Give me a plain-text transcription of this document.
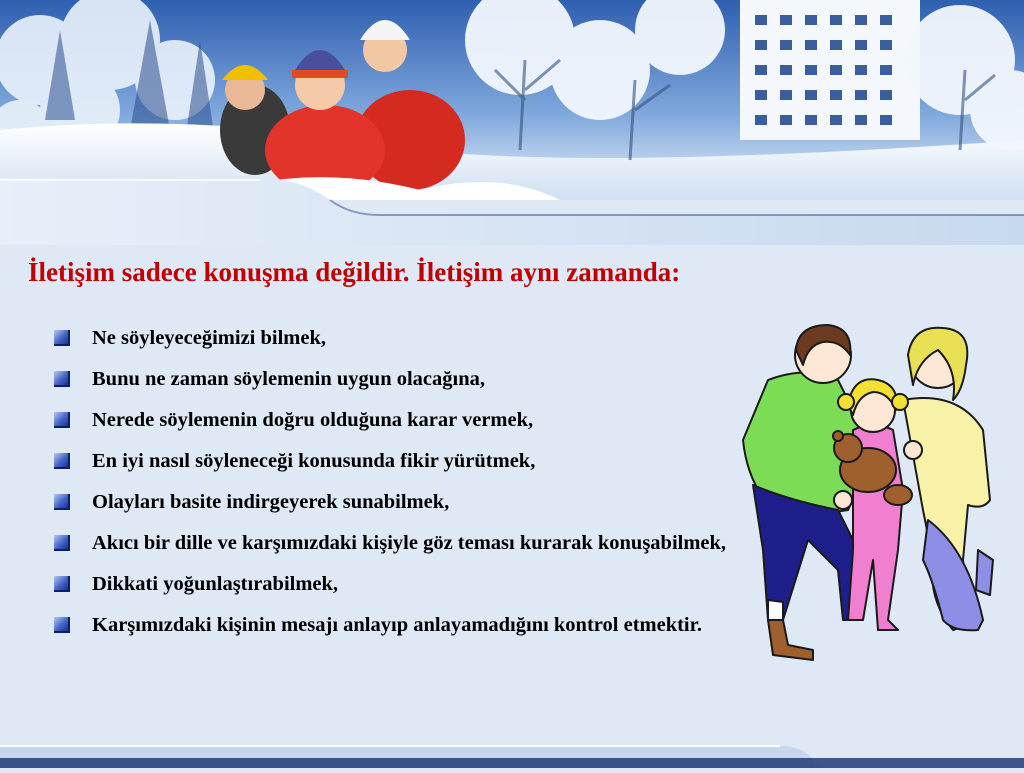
İletişim sadece konuşma değildir. İletişim aynı zamanda:
Ne söyleyeceğimizi bilmek,
Bunu ne zaman söylemenin uygun olacağına,
Nerede söylemenin doğru olduğuna karar vermek,
En iyi nasıl söyleneceği konusunda fikir yürütmek,
Olayları basite indirgeyerek sunabilmek,
Akıcı bir dille ve karşımızdaki kişiyle göz teması kurarak konuşabilmek,
Dikkati yoğunlaştırabilmek,
Karşımızdaki kişinin mesajı anlayıp anlayamadığını kontrol etmektir.
